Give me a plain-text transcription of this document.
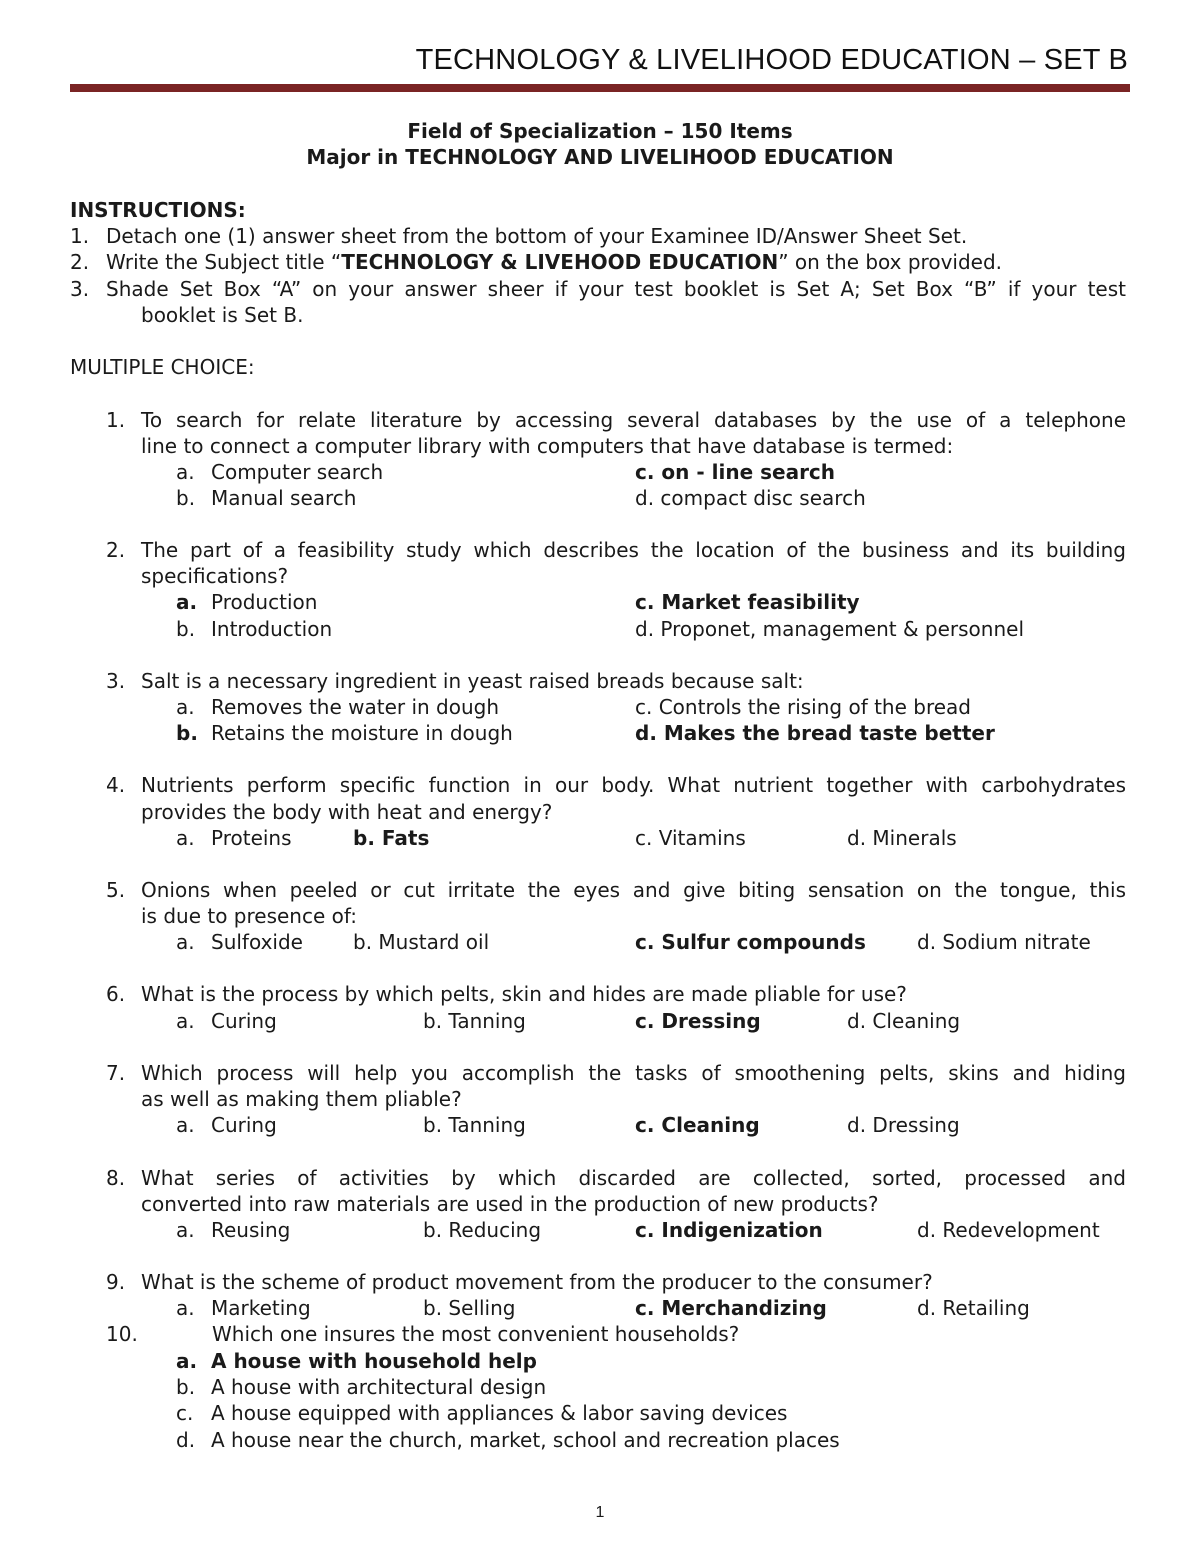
TECHNOLOGY & LIVELIHOOD EDUCATION – SET B
Field of Specialization – 150 Items
Major in TECHNOLOGY AND LIVELIHOOD EDUCATION
INSTRUCTIONS:
1. Detach one (1) answer sheet from the bottom of your Examinee ID/Answer Sheet Set.
2. Write the Subject title “TECHNOLOGY & LIVEHOOD EDUCATION” on the box provided.
3. Shade Set Box “A” on your answer sheer if your test booklet is Set A; Set Box “B” if your test
booklet is Set B.
MULTIPLE CHOICE:
1. To search for relate literature by accessing several databases by the use of a telephone
line to connect a computer library with computers that have database is termed:
a. Computer search	c. on - line search
b. Manual search	d. compact disc search
2. The part of a feasibility study which describes the location of the business and its building
specifications?
a. Production	c. Market feasibility
b. Introduction	d. Proponet, management & personnel
3. Salt is a necessary ingredient in yeast raised breads because salt:
a. Removes the water in dough	c. Controls the rising of the bread
b. Retains the moisture in dough	d. Makes the bread taste better
4. Nutrients perform specific function in our body. What nutrient together with carbohydrates
provides the body with heat and energy?
a. Proteins	b. Fats	c. Vitamins	d. Minerals
5. Onions when peeled or cut irritate the eyes and give biting sensation on the tongue, this
is due to presence of:
a. Sulfoxide	b. Mustard oil	c. Sulfur compounds	d. Sodium nitrate
6. What is the process by which pelts, skin and hides are made pliable for use?
a. Curing	b. Tanning	c. Dressing	d. Cleaning
7. Which process will help you accomplish the tasks of smoothening pelts, skins and hiding
as well as making them pliable?
a. Curing	b. Tanning	c. Cleaning	d. Dressing
8. What series of activities by which discarded are collected, sorted, processed and
converted into raw materials are used in the production of new products?
a. Reusing	b. Reducing	c. Indigenization	d. Redevelopment
9. What is the scheme of product movement from the producer to the consumer?
a. Marketing	b. Selling	c. Merchandizing	d. Retailing
10.	Which one insures the most convenient households?
a. A house with household help
b. A house with architectural design
c. A house equipped with appliances & labor saving devices
d. A house near the church, market, school and recreation places
1
